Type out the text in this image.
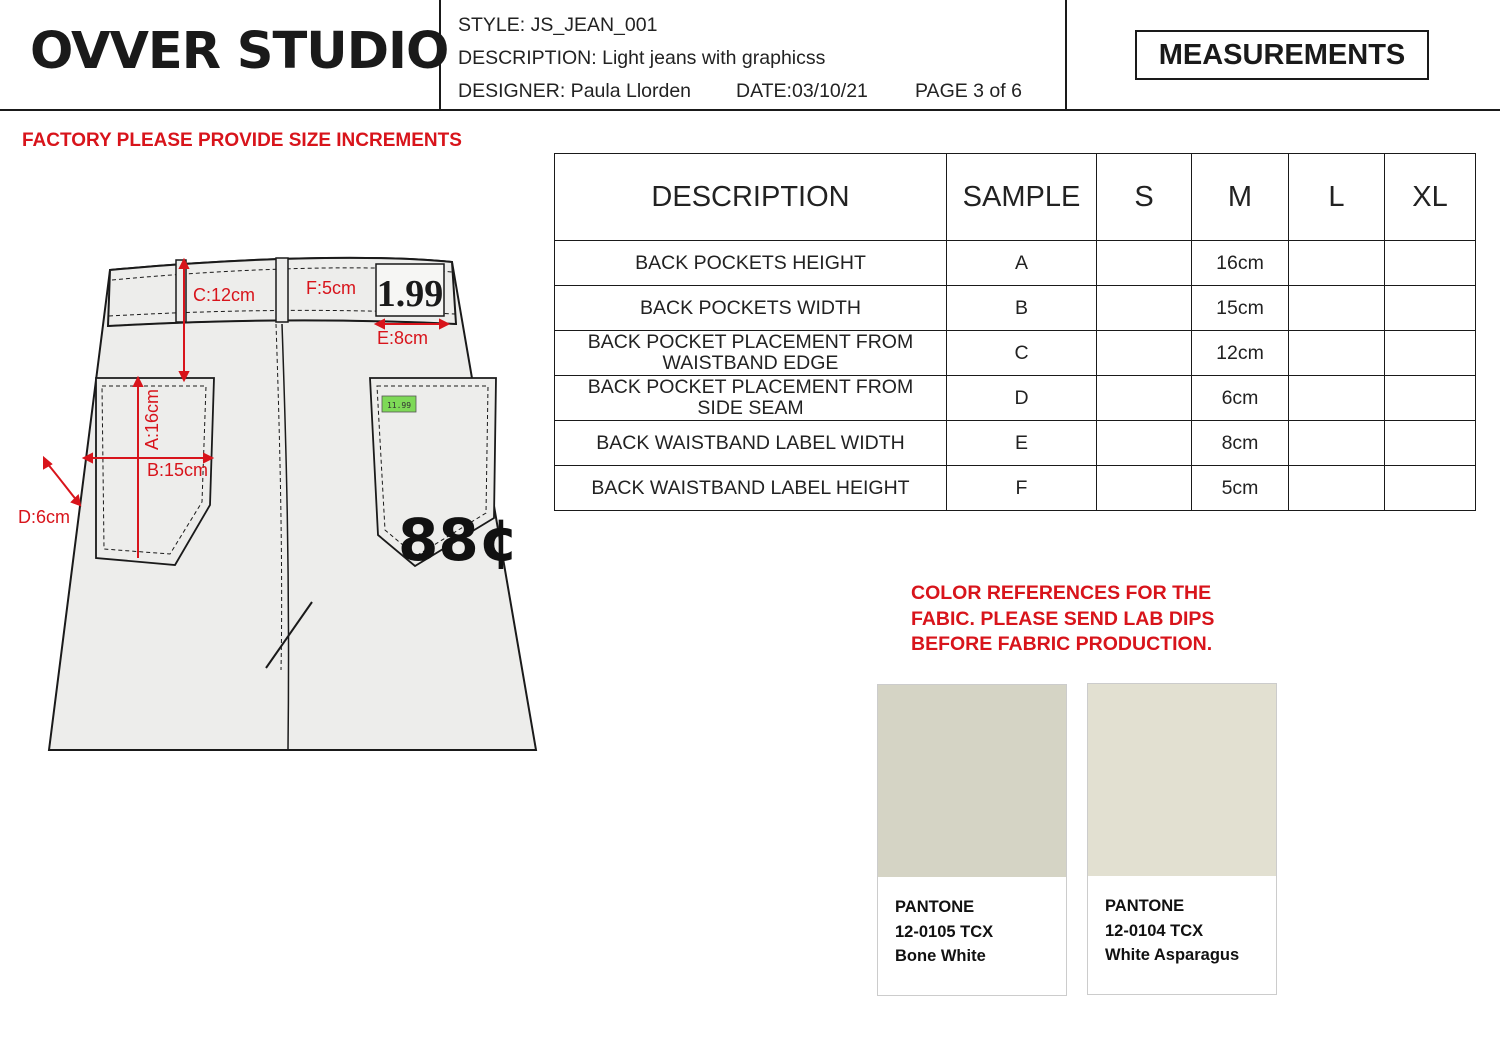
OVVER STUDIO STYLE: JS_JEAN_001
DESCRIPTION: Light jeans with graphicss
DESIGNER: Paula Llorden DATE:03/10/21 PAGE 3 of 6
MEASUREMENTS
FACTORY PLEASE PROVIDE SIZE INCREMENTS
1.99
11.99
88¢
C:12cm	F:5cm
E:8cm
A:16cm
B:15cm
D:6cm
DESCRIPTION	SAMPLE	S	M	L	XL
BACK POCKETS HEIGHT	A		16cm		
BACK POCKETS WIDTH	B		15cm		
BACK POCKET PLACEMENT FROM
WAISTBAND EDGE	C		12cm		
BACK POCKET PLACEMENT FROM
SIDE SEAM	D		6cm		
BACK WAISTBAND LABEL WIDTH	E		8cm		
BACK WAISTBAND LABEL HEIGHT	F		5cm		
COLOR REFERENCES FOR THE
FABIC. PLEASE SEND LAB DIPS
BEFORE FABRIC PRODUCTION.
PANTONE
12-0105 TCX
Bone White
PANTONE
12-0104 TCX
White Asparagus
